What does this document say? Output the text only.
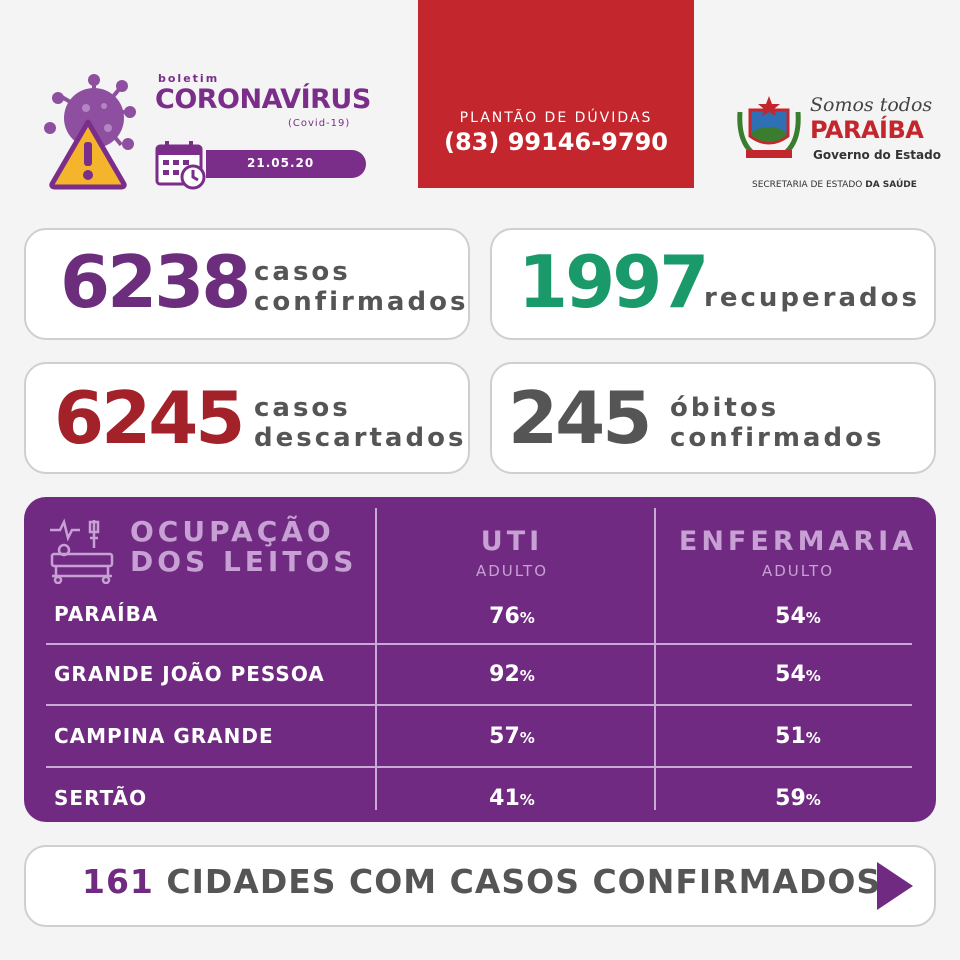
boletim
CORONAVÍRUS
(Covid-19)
21.05.20
PLANTÃO DE DÚVIDAS
(83) 99146-9790
Somos todos
PARAÍBA
Governo do Estado
SECRETARIA DE ESTADO DA SAÚDE
6238 casos
confirmados 1997
recuperados
6245 casos
descartados 245 óbitos
confirmados
OCUPAÇÃO
DOS LEITOS
UTI
ADULTO
ENFERMARIA
ADULTO
PARAÍBA	76%	54%
GRANDE JOÃO PESSOA	92%	54%
CAMPINA GRANDE	57%	51%
SERTÃO	41%	59%
161 CIDADES COM CASOS CONFIRMADOS
